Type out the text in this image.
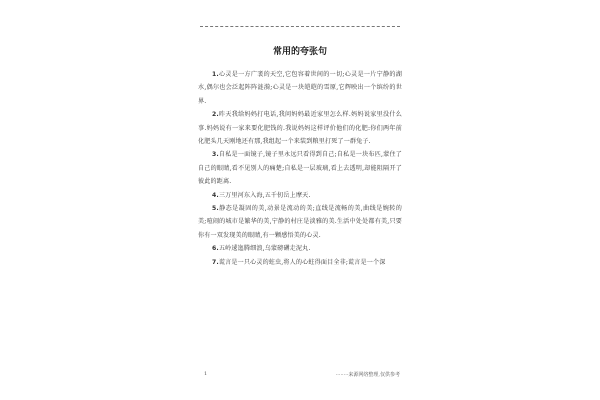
常用的夸张句

1.心灵是一方广袤的天空,它包容着世间的一切;心灵是一片宁静的湖水,偶尔也会泛起阵阵涟漪;心灵是一块皑皑的雪原,它辉映出一个缤纷的世界.

2.昨天我给妈妈打电话,我问妈妈最近家里怎么样.妈妈说家里没什么事.妈妈说有一家来要化肥钱的.我说妈妈这样评价他们的化肥:你们两年前化肥头几天刚地还有那,我组起一个来装到粮里打死了一群兔子.

3.自私是一面镜子,镜子里永远只看得到自己;自私是一块布匹,蒙住了自己的眼睛,看不见别人的痛楚;自私是一层玻璃,看上去透明,却能阻隔开了彼此的距离.

4.三万里河东入海,五千仞岳上摩天.

5.静态是凝固的美,动景是流动的美;直线是流畅的美,曲线是婉转的美;喧闹的城市是繁华的美,宁静的村庄是淡雅的美.生活中处处都有美,只要你有一双发现美的眼睛,有一颗感悟美的心灵.

6.五岭逶迤腾细浪,乌蒙磅礴走泥丸.

7.谎言是一只心灵的蛀虫,将人的心蛀得面目全非;谎言是一个深

1	········来源网络整理,仅供参考
